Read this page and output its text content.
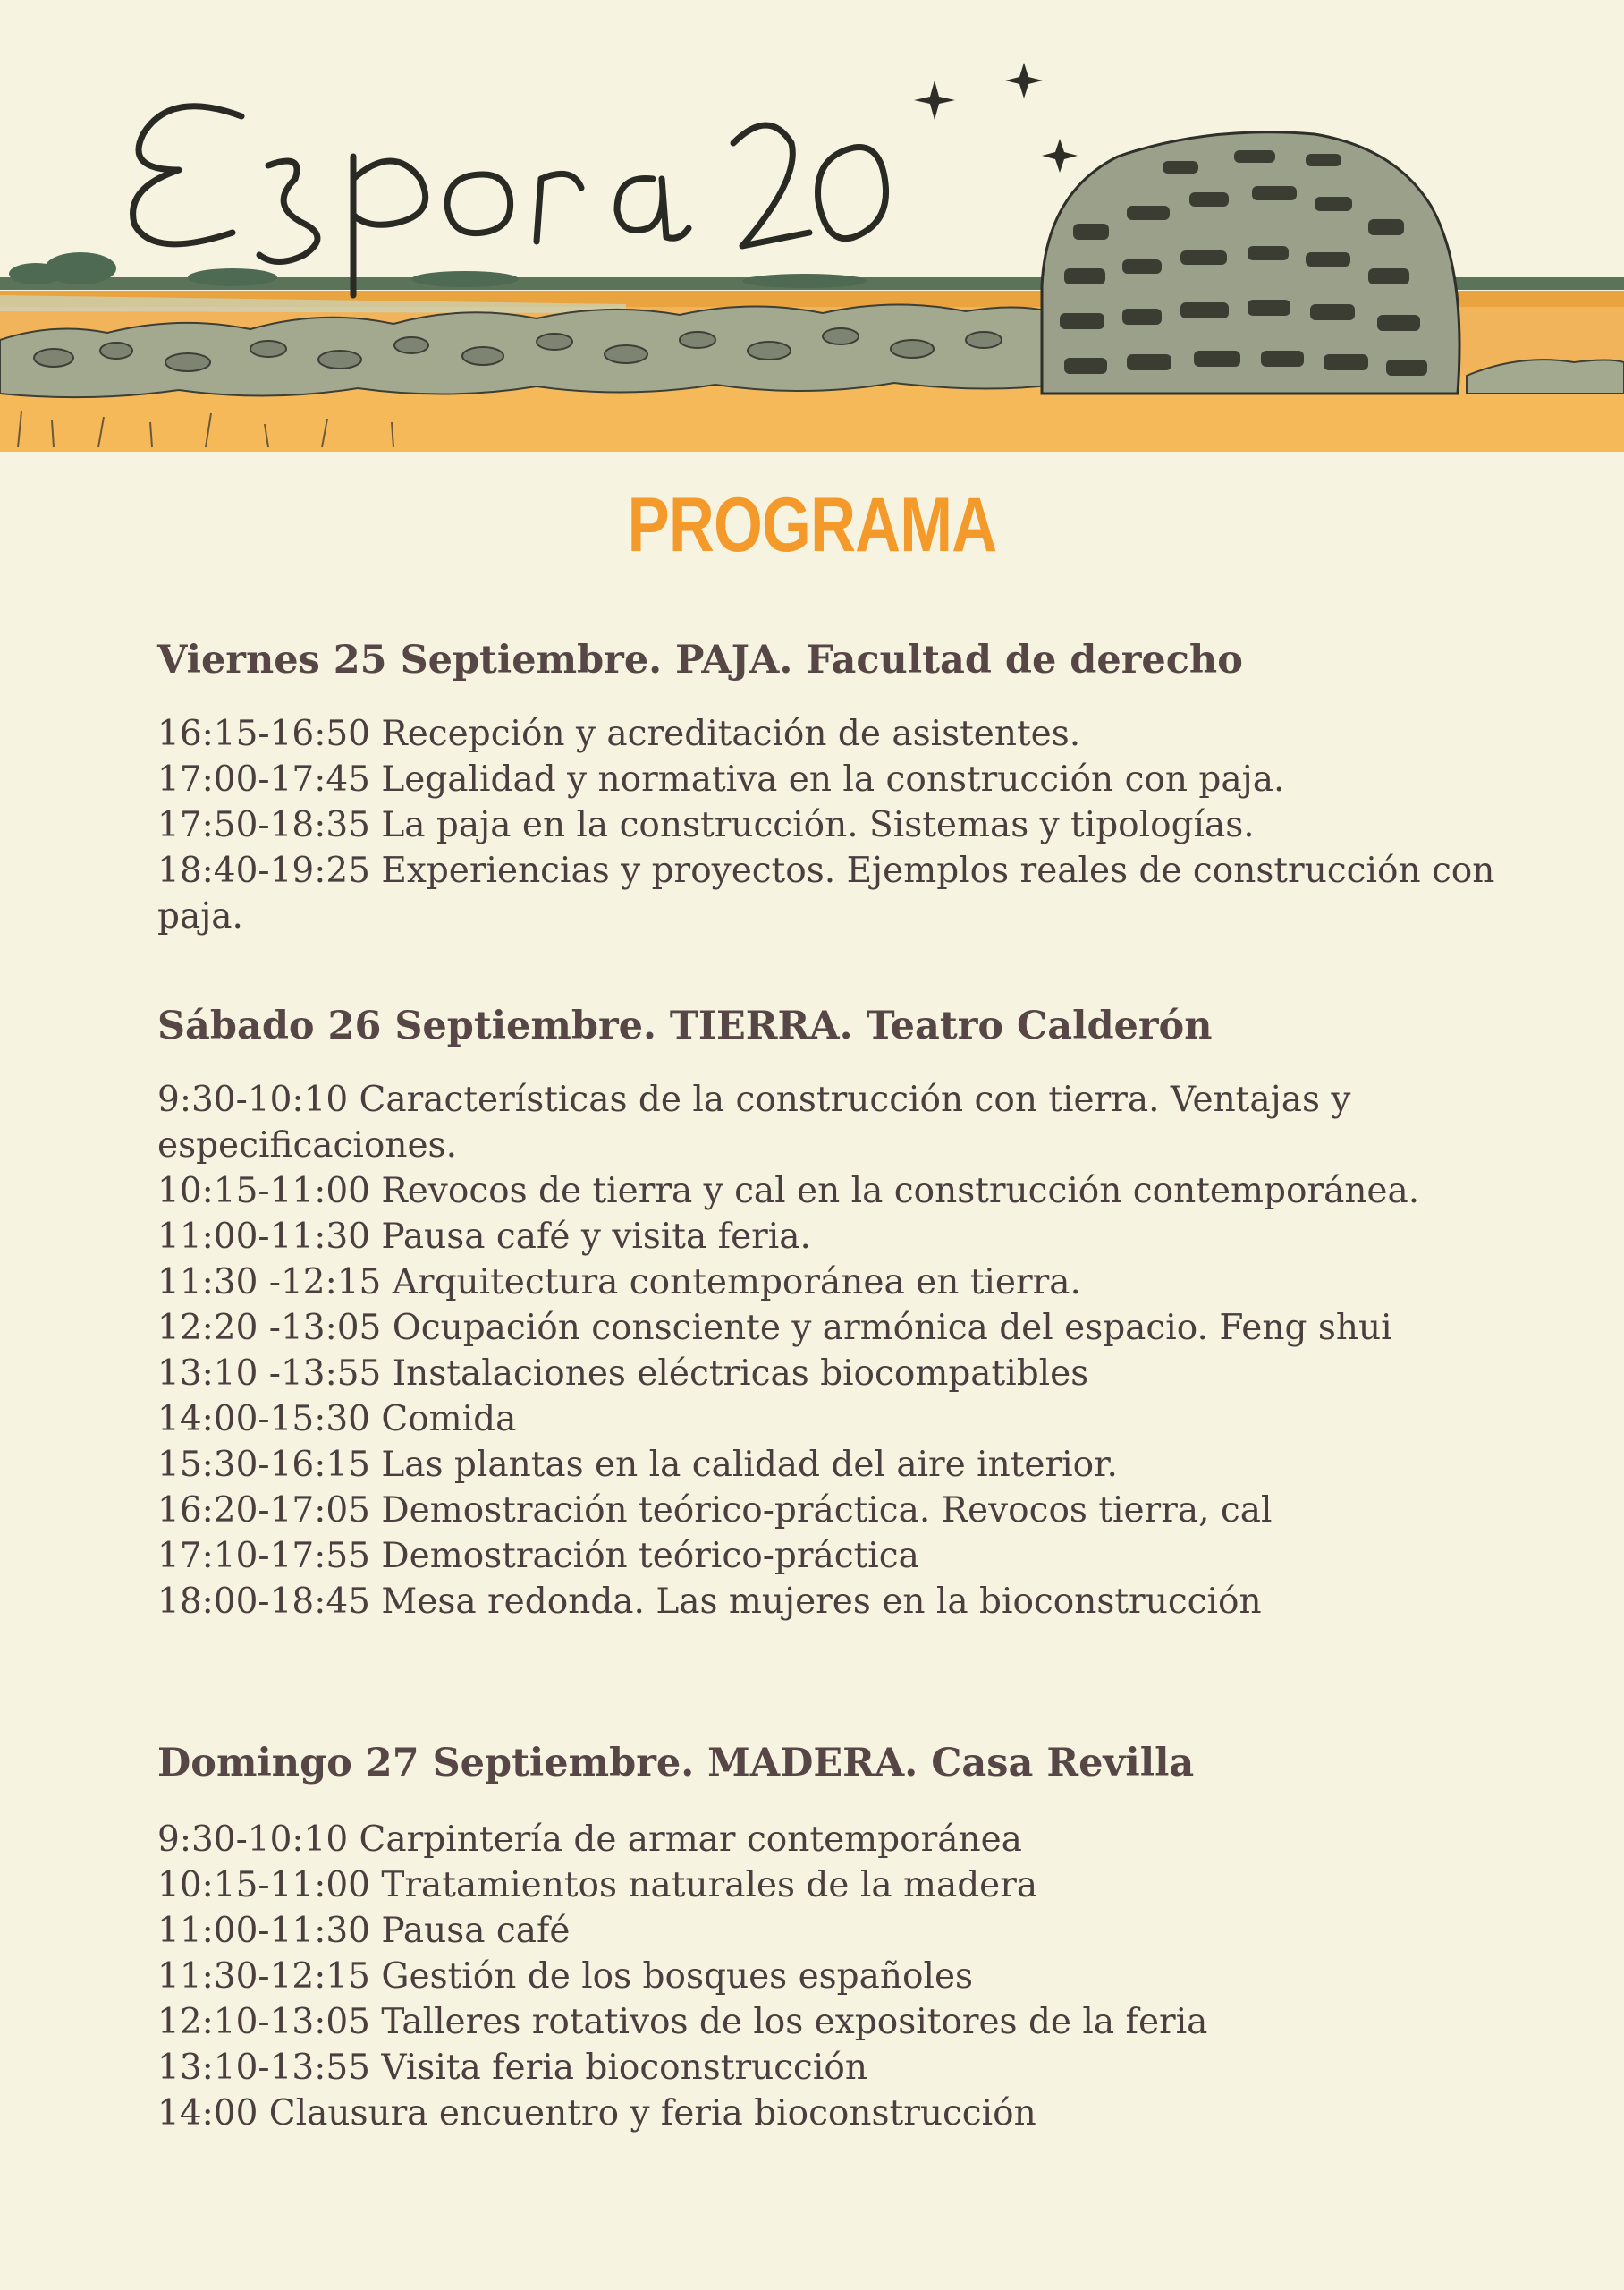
PROGRAMA
Viernes 25 Septiembre. PAJA. Facultad de derecho
16:15-16:50 Recepción y acreditación de asistentes.
17:00-17:45 Legalidad y normativa en la construcción con paja.
17:50-18:35 La paja en la construcción. Sistemas y tipologías.
18:40-19:25 Experiencias y proyectos. Ejemplos reales de construcción con paja.
Sábado 26 Septiembre. TIERRA. Teatro Calderón
9:30-10:10 Características de la construcción con tierra. Ventajas y especificaciones.
10:15-11:00 Revocos de tierra y cal en la construcción contemporánea.
11:00-11:30 Pausa café y visita feria.
11:30 -12:15 Arquitectura contemporánea en tierra.
12:20 -13:05 Ocupación consciente y armónica del espacio. Feng shui
13:10 -13:55 Instalaciones eléctricas biocompatibles
14:00-15:30 Comida
15:30-16:15 Las plantas en la calidad del aire interior.
16:20-17:05 Demostración teórico-práctica. Revocos tierra, cal
17:10-17:55 Demostración teórico-práctica
18:00-18:45 Mesa redonda. Las mujeres en la bioconstrucción
Domingo 27 Septiembre. MADERA. Casa Revilla
9:30-10:10 Carpintería de armar contemporánea
10:15-11:00 Tratamientos naturales de la madera
11:00-11:30 Pausa café
11:30-12:15 Gestión de los bosques españoles
12:10-13:05 Talleres rotativos de los expositores de la feria
13:10-13:55 Visita feria bioconstrucción
14:00 Clausura encuentro y feria bioconstrucción
